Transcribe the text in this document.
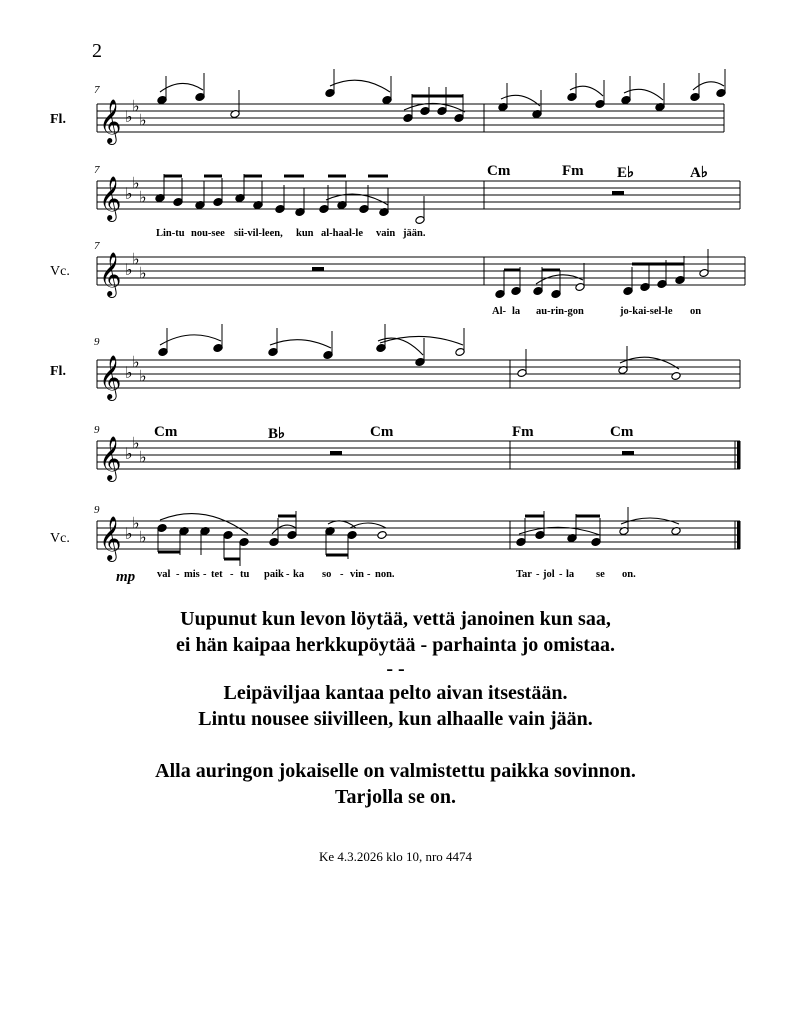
2
Fl.
Vc.
Fl.
Vc.
7
7
7
9
9
9
Cm	Fm E♭	A♭
Cm	B♭	Cm	Fm	Cm
Lin-tu nou-see sii-vil-leen, kun al-haal-le vain jään.
Al- la au-rin-gon	jo-kai-sel-le on
val - mis - tet - tu paik - ka so - vin - non.	Tar - jol - la se on.
mp
𝄞 ♭
♭
♭
𝄞 ♭
♭
♭
𝄞 ♭
♭
♭
𝄞 ♭
♭
♭
𝄞 ♭
♭
♭
𝄞 ♭
♭
♭
Uupunut kun levon löytää, vettä janoinen kun saa,
ei hän kaipaa herkkupöytää - parhainta jo omistaa.
- -
Leipäviljaa kantaa pelto aivan itsestään.
Lintu nousee siivilleen, kun alhaalle vain jään.
Alla auringon jokaiselle on valmistettu paikka sovinnon.
Tarjolla se on.
Ke 4.3.2026 klo 10, nro 4474
